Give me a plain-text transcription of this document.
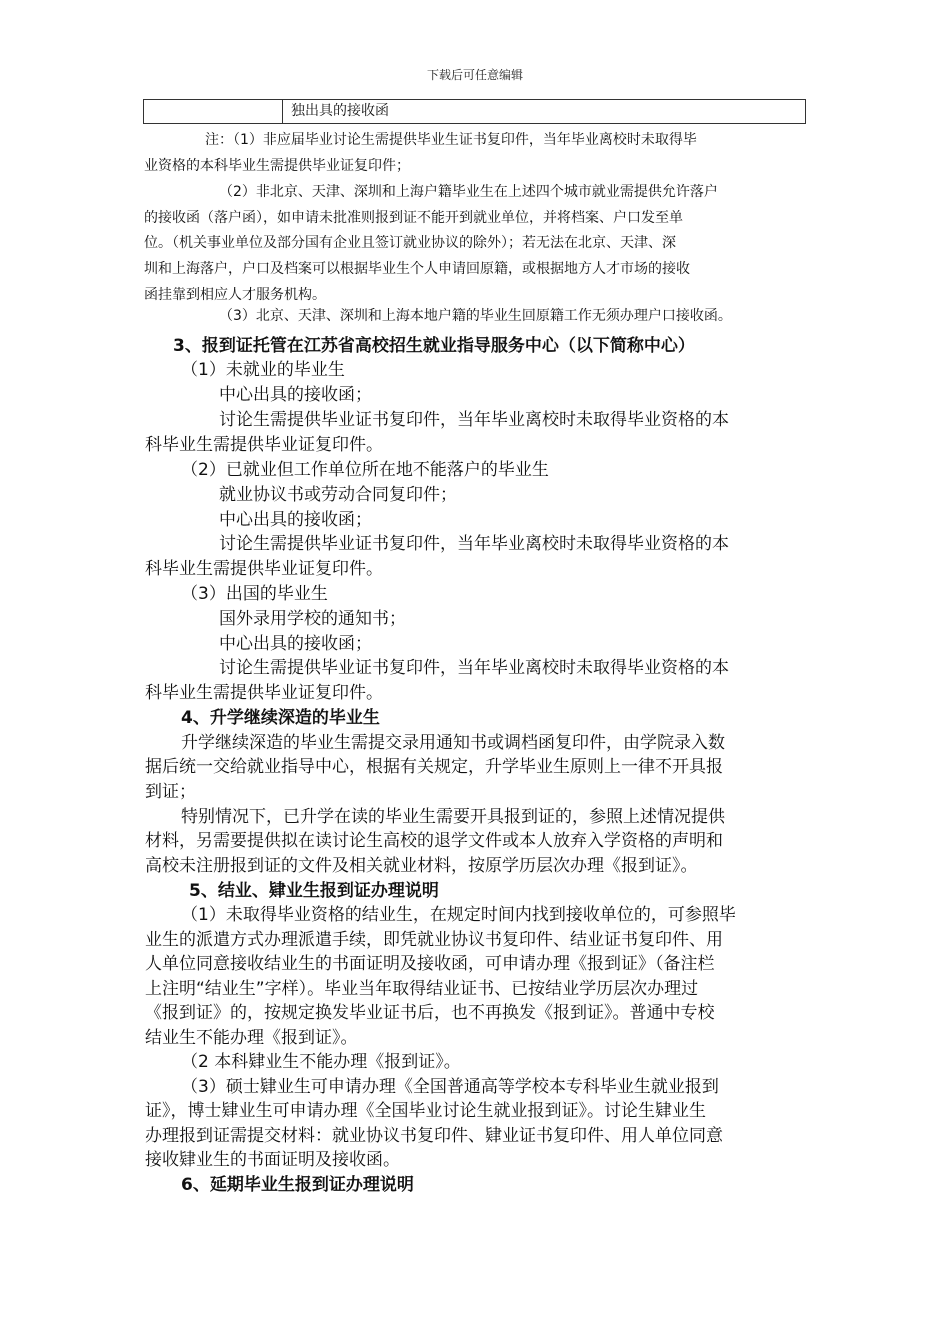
下载后可任意编辑
独出具的接收函
注：（1）非应届毕业讨论生需提供毕业生证书复印件，当年毕业离校时未取得毕
业资格的本科毕业生需提供毕业证复印件；
（2）非北京、天津、深圳和上海户籍毕业生在上述四个城市就业需提供允许落户
的接收函（落户函），如申请未批准则报到证不能开到就业单位，并将档案、户口发至单
位。（机关事业单位及部分国有企业且签订就业协议的除外）；若无法在北京、天津、深
圳和上海落户，户口及档案可以根据毕业生个人申请回原籍，或根据地方人才市场的接收
函挂靠到相应人才服务机构。
（3）北京、天津、深圳和上海本地户籍的毕业生回原籍工作无须办理户口接收函。
3、报到证托管在江苏省高校招生就业指导服务中心（以下简称中心）
（1）未就业的毕业生
中心出具的接收函；
讨论生需提供毕业证书复印件，当年毕业离校时未取得毕业资格的本
科毕业生需提供毕业证复印件。
（2）已就业但工作单位所在地不能落户的毕业生
就业协议书或劳动合同复印件；
中心出具的接收函；
讨论生需提供毕业证书复印件，当年毕业离校时未取得毕业资格的本
科毕业生需提供毕业证复印件。
（3）出国的毕业生
国外录用学校的通知书；
中心出具的接收函；
讨论生需提供毕业证书复印件，当年毕业离校时未取得毕业资格的本
科毕业生需提供毕业证复印件。
4、升学继续深造的毕业生
升学继续深造的毕业生需提交录用通知书或调档函复印件，由学院录入数
据后统一交给就业指导中心，根据有关规定，升学毕业生原则上一律不开具报
到证；
特别情况下，已升学在读的毕业生需要开具报到证的，参照上述情况提供
材料，另需要提供拟在读讨论生高校的退学文件或本人放弃入学资格的声明和
高校未注册报到证的文件及相关就业材料，按原学历层次办理《报到证》。
5、结业、肄业生报到证办理说明
（1）未取得毕业资格的结业生，在规定时间内找到接收单位的，可参照毕
业生的派遣方式办理派遣手续，即凭就业协议书复印件、结业证书复印件、用
人单位同意接收结业生的书面证明及接收函，可申请办理《报到证》（备注栏
上注明“结业生”字样）。毕业当年取得结业证书、已按结业学历层次办理过
《报到证》的，按规定换发毕业证书后，也不再换发《报到证》。普通中专校
结业生不能办理《报到证》。
（2 本科肄业生不能办理《报到证》。
（3）硕士肄业生可申请办理《全国普通高等学校本专科毕业生就业报到
证》，博士肄业生可申请办理《全国毕业讨论生就业报到证》。讨论生肄业生
办理报到证需提交材料：就业协议书复印件、肄业证书复印件、用人单位同意
接收肄业生的书面证明及接收函。
6、延期毕业生报到证办理说明
